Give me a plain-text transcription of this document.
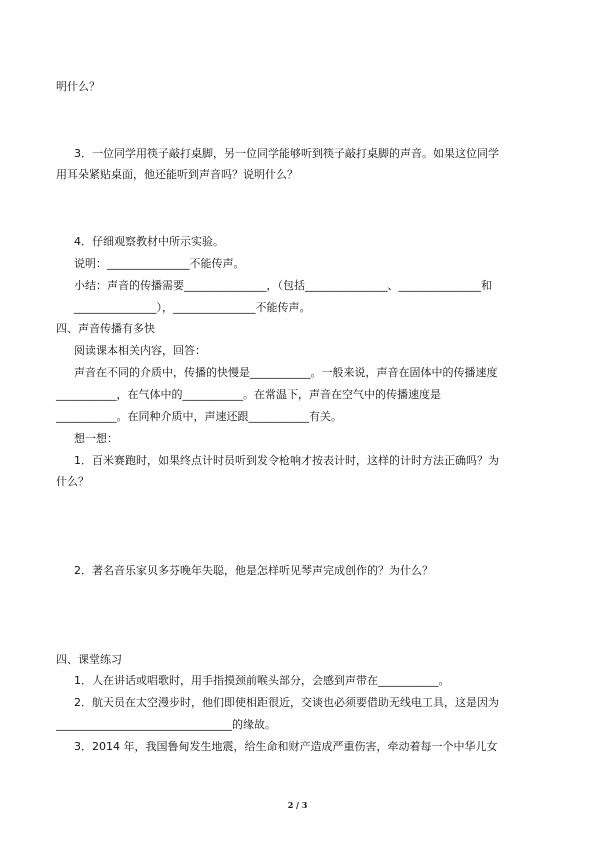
明什么？
3．一位同学用筷子敲打桌脚，另一位同学能够听到筷子敲打桌脚的声音。如果这位同学
用耳朵紧贴桌面，他还能听到声音吗？说明什么？
4．仔细观察教材中所示实验。
说明：_______________不能传声。
小结：声音的传播需要_______________，（包括_______________、_______________和
_______________），_______________不能传声。
四、声音传播有多快
阅读课本相关内容，回答：
声音在不同的介质中，传播的快慢是___________。一般来说，声音在固体中的传播速度
___________，在气体中的___________。在常温下，声音在空气中的传播速度是
___________。在同种介质中，声速还跟___________有关。
想一想：
1．百米赛跑时，如果终点计时员听到发令枪响才按表计时，这样的计时方法正确吗？为
什么？
2．著名音乐家贝多芬晚年失聪，他是怎样听见琴声完成创作的？为什么？
四、课堂练习
1．人在讲话或唱歌时，用手指摸颈前喉头部分，会感到声带在___________。
2．航天员在太空漫步时，他们即使相距很近，交谈也必须要借助无线电工具，这是因为
________________________________的缘故。
3．2014 年，我国鲁甸发生地震，给生命和财产造成严重伤害，牵动着每一个中华儿女
2 / 3
